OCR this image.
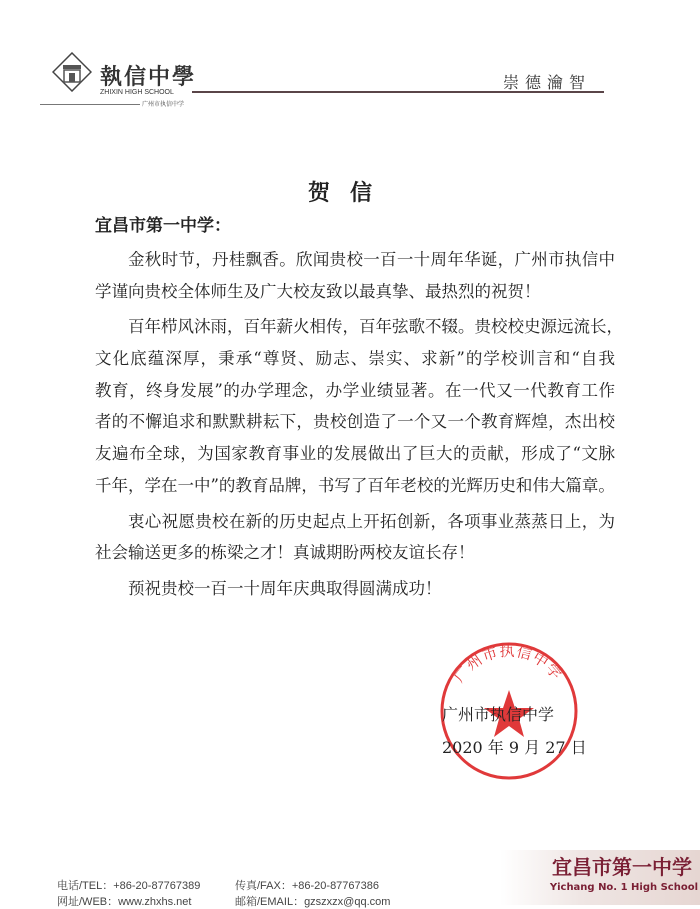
執信中學
ZHIXIN HIGH SCHOOL
广州市执信中学
崇德瀹智
贺信
宜昌市第一中学：
金秋时节，丹桂飘香。欣闻贵校一百一十周年华诞，广州市执信中
学谨向贵校全体师生及广大校友致以最真挚、最热烈的祝贺！
百年栉风沐雨，百年薪火相传，百年弦歌不辍。贵校校史源远流长，
文化底蕴深厚，秉承“尊贤、励志、崇实、求新”的学校训言和“自我
教育，终身发展”的办学理念，办学业绩显著。在一代又一代教育工作
者的不懈追求和默默耕耘下，贵校创造了一个又一个教育辉煌，杰出校
友遍布全球，为国家教育事业的发展做出了巨大的贡献，形成了“文脉
千年，学在一中”的教育品牌，书写了百年老校的光辉历史和伟大篇章。
衷心祝愿贵校在新的历史起点上开拓创新，各项事业蒸蒸日上，为
社会输送更多的栋梁之才！真诚期盼两校友谊长存！
预祝贵校一百一十周年庆典取得圆满成功！
广州市执信中学
广州市执信中学
2020 年 9 月 27 日
宜昌市第一中学
Yichang No. 1 High School
电话/TEL：+86-20-87767389	传真/FAX：+86-20-87767386
网址/WEB：www.zhxhs.net	邮箱/EMAIL：gzszxzx@qq.com
